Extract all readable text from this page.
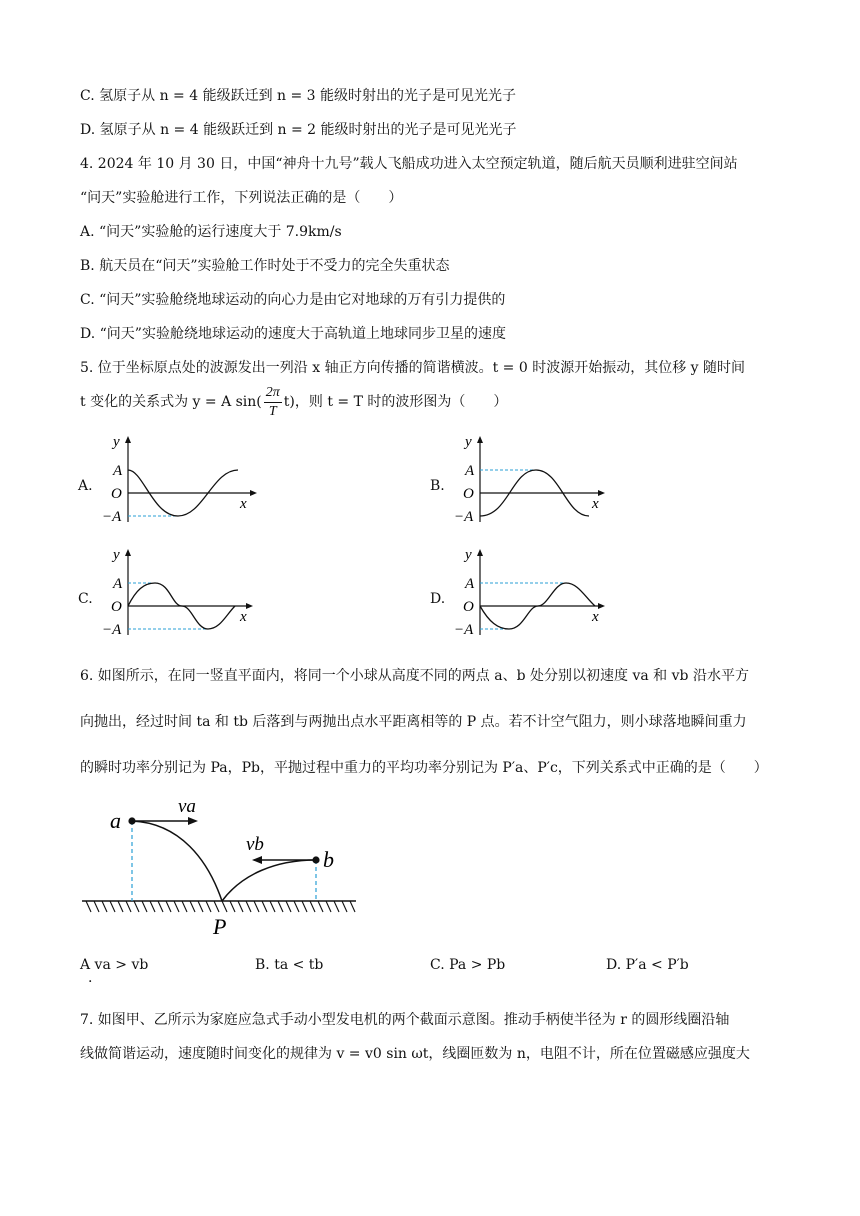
C. 氢原子从 n = 4 能级跃迁到 n = 3 能级时射出的光子是可见光光子
D. 氢原子从 n = 4 能级跃迁到 n = 2 能级时射出的光子是可见光光子
4. 2024 年 10 月 30 日，中国“神舟十九号”载人飞船成功进入太空预定轨道，随后航天员顺利进驻空间站
“问天”实验舱进行工作，下列说法正确的是（　　）
A. “问天”实验舱的运行速度大于 7.9km/s
B. 航天员在“问天”实验舱工作时处于不受力的完全失重状态
C. “问天”实验舱绕地球运动的向心力是由它对地球的万有引力提供的
D. “问天”实验舱绕地球运动的速度大于高轨道上地球同步卫星的速度
5. 位于坐标原点处的波源发出一列沿 x 轴正方向传播的简谐横波。t = 0 时波源开始振动，其位移 y 随时间
t 变化的关系式为 y = A $\sin( \frac{2\pi}{T} t)$，则 t = T 时的波形图为（　　）
A.	B.
C.	D.
y
A
O
−A
x
y
A
O
−A
x
y
A
O
−A
x
y
A
O
−A
x
6. 如图所示，在同一竖直平面内，将同一个小球从高度不同的两点 a、b 处分别以初速度 va 和 vb 沿水平方
向抛出，经过时间 ta 和 tb 后落到与两抛出点水平距离相等的 P 点。若不计空气阻力，则小球落地瞬间重力
的瞬时功率分别记为 Pa，Pb，平抛过程中重力的平均功率分别记为 P′a、P′c，下列关系式中正确的是（　　）
a
b
va
vb
P
A va > vb
.
B. ta < tb	C. Pa > Pb	D. P′a < P′b
7. 如图甲、乙所示为家庭应急式手动小型发电机的两个截面示意图。推动手柄使半径为 r 的圆形线圈沿轴
线做简谐运动，速度随时间变化的规律为 v = v0 sin ωt，线圈匝数为 n，电阻不计，所在位置磁感应强度大
